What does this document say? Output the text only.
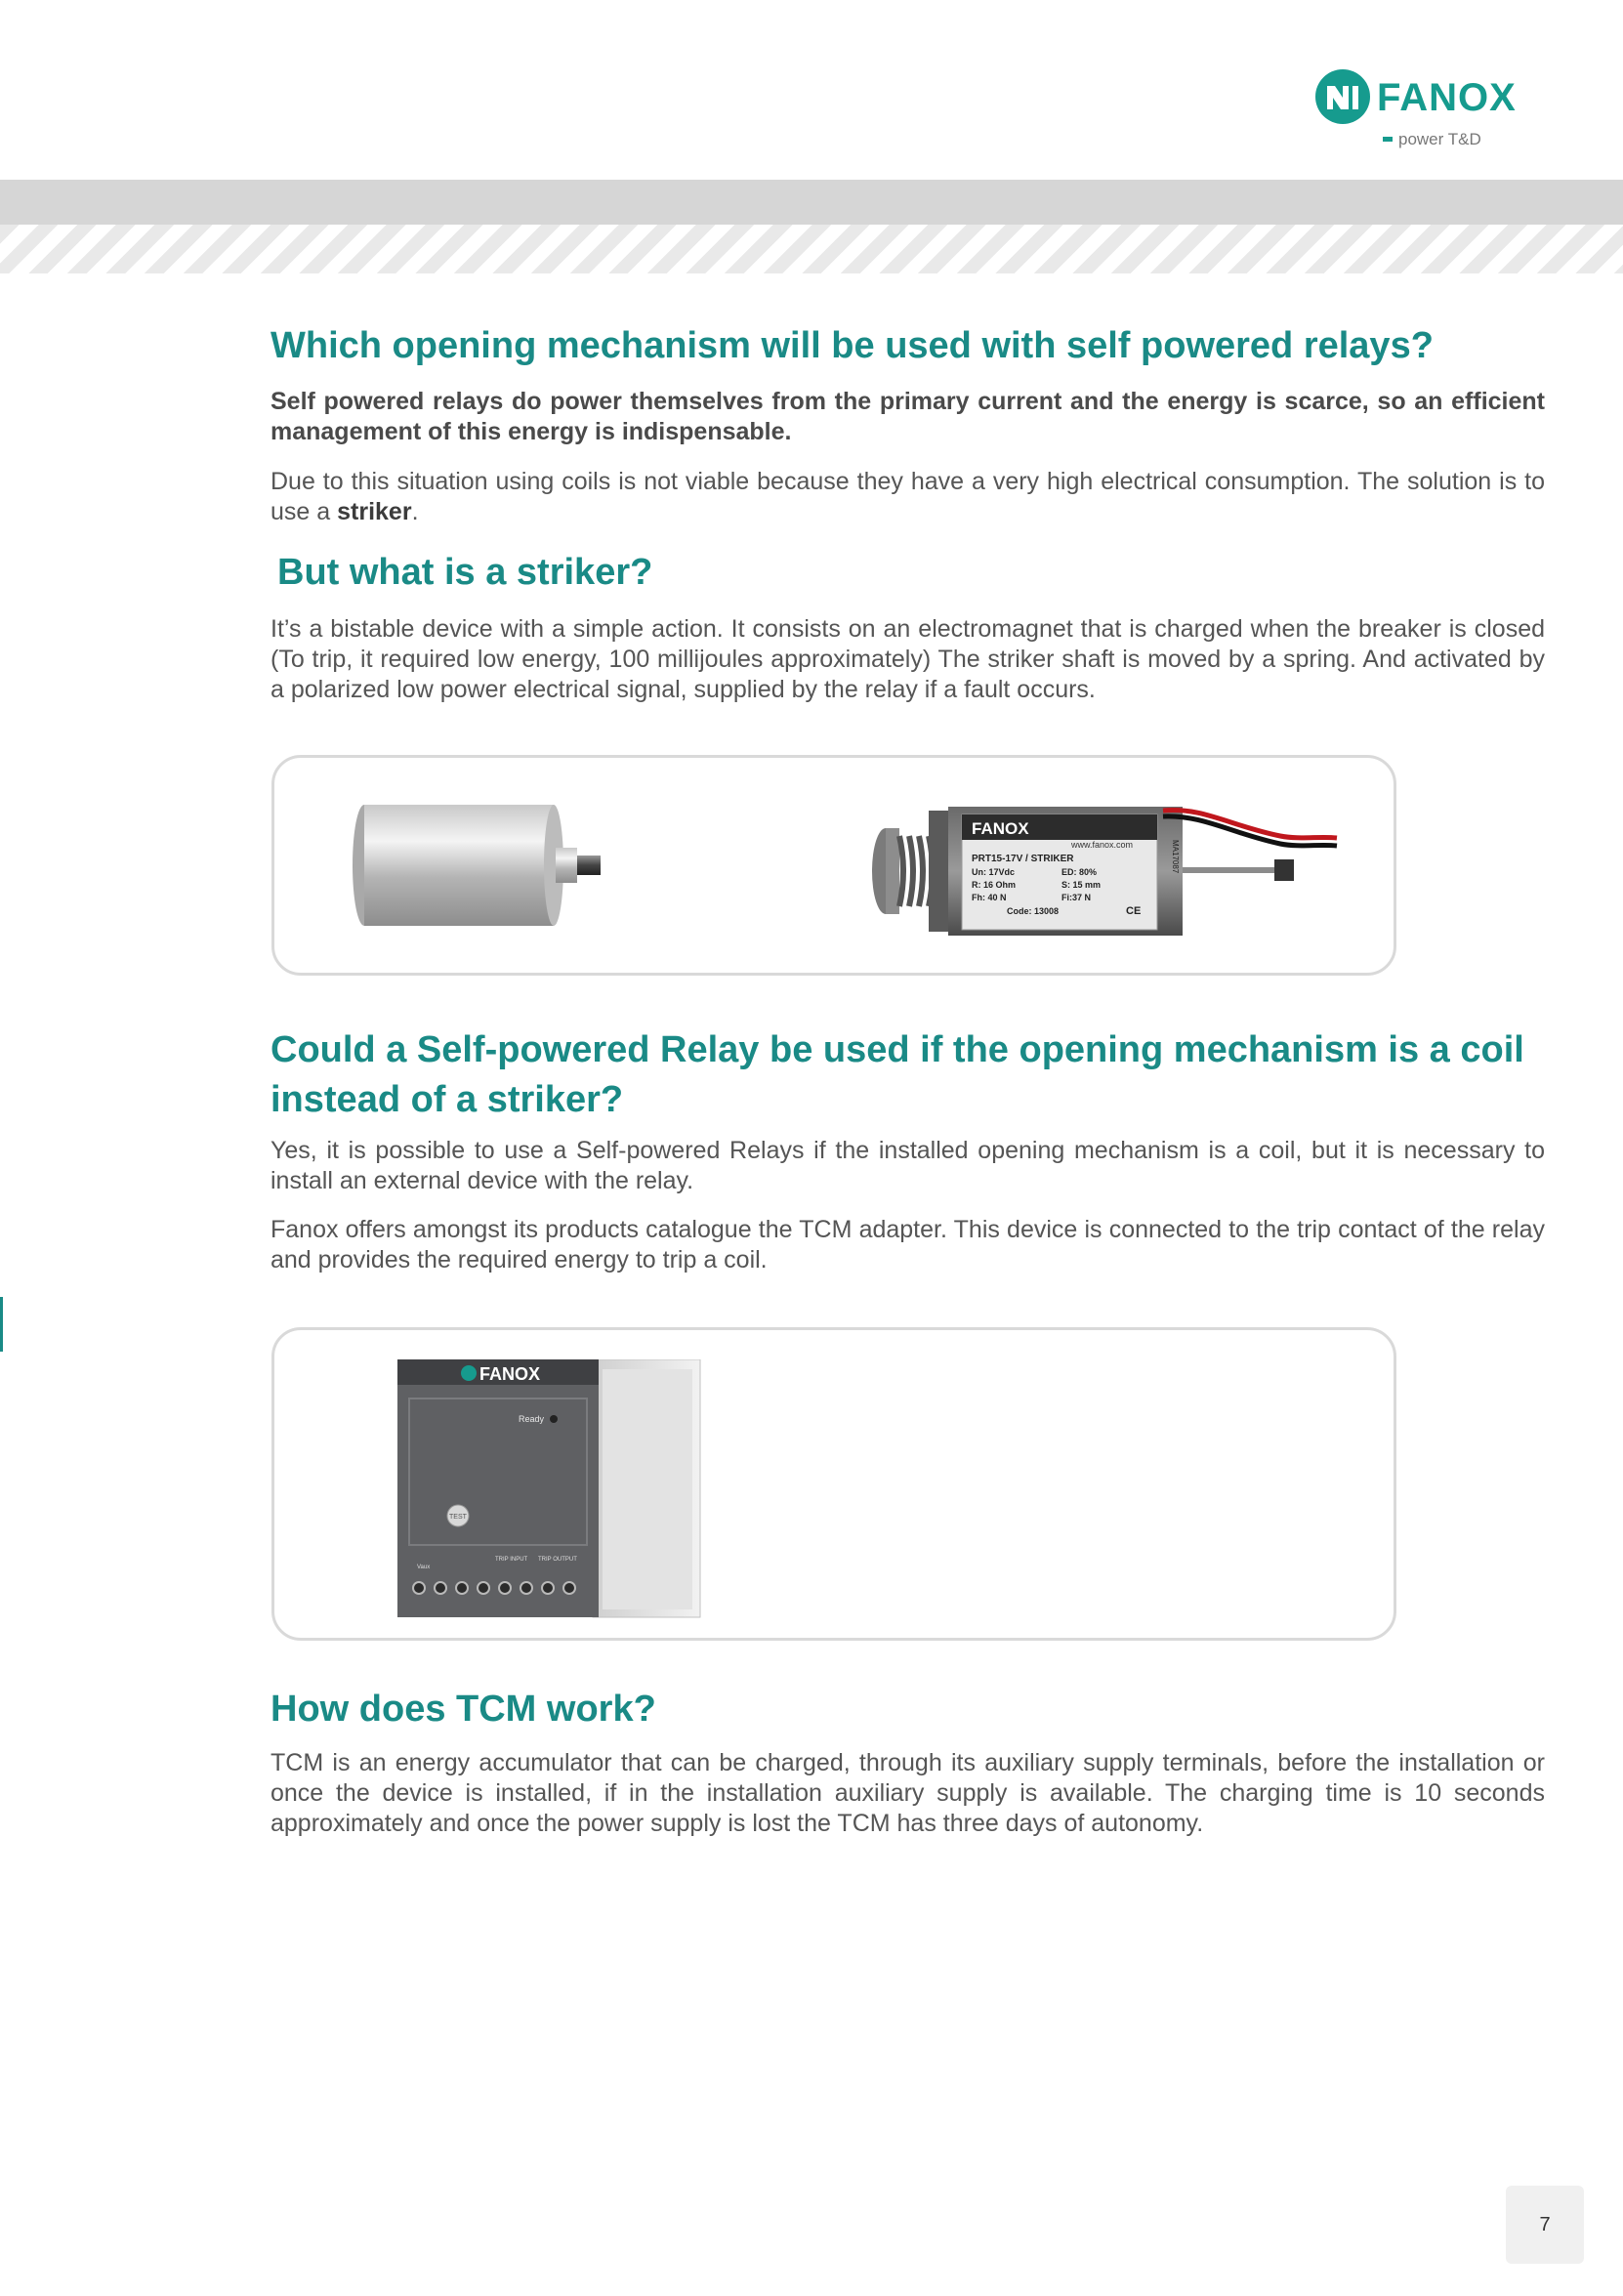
FANOX
power T&D
Which opening mechanism will be used with self powered relays?

Self powered relays do power themselves from the primary current and the energy is scarce, so an efficient management of this energy is indispensable.

Due to this situation using coils is not viable because they have a very high electrical consumption. The solution is to use a striker.

But what is a striker?

It’s a bistable device with a simple action. It consists on an electromagnet that is charged when the breaker is closed (To trip, it required low energy, 100 millijoules approximately) The striker shaft is moved by a spring. And activated by a polarized low power electrical signal, supplied by the relay if a fault occurs.

FANOX
www.fanox.com
PRT15-17V / STRIKER
Un: 17Vdc	ED: 80%
R: 16 Ohm	S: 15 mm
Fh: 40 N	Fi:37 N
Code: 13008	CE
MA17087
Could a Self-powered Relay be used if the opening mechanism is a coil
instead of a striker?

Yes, it is possible to use a Self-powered Relays if the installed opening mechanism is a coil, but it is necessary to install an external device with the relay.

Fanox offers amongst its products catalogue the TCM adapter. This device is connected to the trip contact of the relay and provides the required energy to trip a coil.

FANOX
Ready
TEST
Vaux
TRIP INPUT TRIP OUTPUT
How does TCM work?

TCM is an energy accumulator that can be charged, through its auxiliary supply terminals, before the installation or once the device is installed, if in the installation auxiliary supply is available. The charging time is 10 seconds approximately and once the power supply is lost the TCM has three days of autonomy.

7
